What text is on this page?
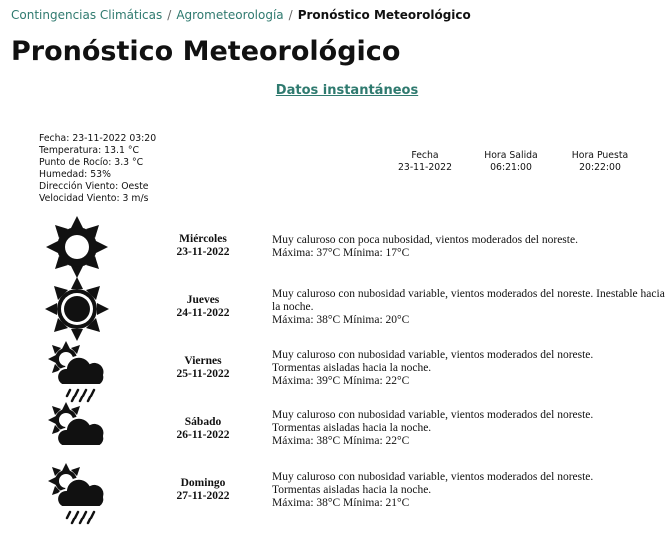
Contingencias Climáticas / Agrometeorología / Pronóstico Meteorológico
Pronóstico Meteorológico
Datos instantáneos
Fecha: 23-11-2022 03:20
Temperatura: 13.1 °C
Punto de Rocío: 3.3 °C
Humedad: 53%
Dirección Viento: Oeste
Velocidad Viento: 3 m/s
Fecha
23-11-2022
Hora Salida
06:21:00
Hora Puesta
20:22:00
Miércoles
23-11-2022
Muy caluroso con poca nubosidad, vientos moderados del noreste.
Máxima: 37°C Mínima: 17°C
Jueves
24-11-2022
Muy caluroso con nubosidad variable, vientos moderados del noreste. Inestable hacia la noche.
Máxima: 38°C Mínima: 20°C
Viernes
25-11-2022
Muy caluroso con nubosidad variable, vientos moderados del noreste. Tormentas aisladas hacia la noche.
Máxima: 39°C Mínima: 22°C
Sábado
26-11-2022
Muy caluroso con nubosidad variable, vientos moderados del noreste. Tormentas aisladas hacia la noche.
Máxima: 38°C Mínima: 22°C
Domingo
27-11-2022
Muy caluroso con nubosidad variable, vientos moderados del noreste. Tormentas aisladas hacia la noche.
Máxima: 38°C Mínima: 21°C
